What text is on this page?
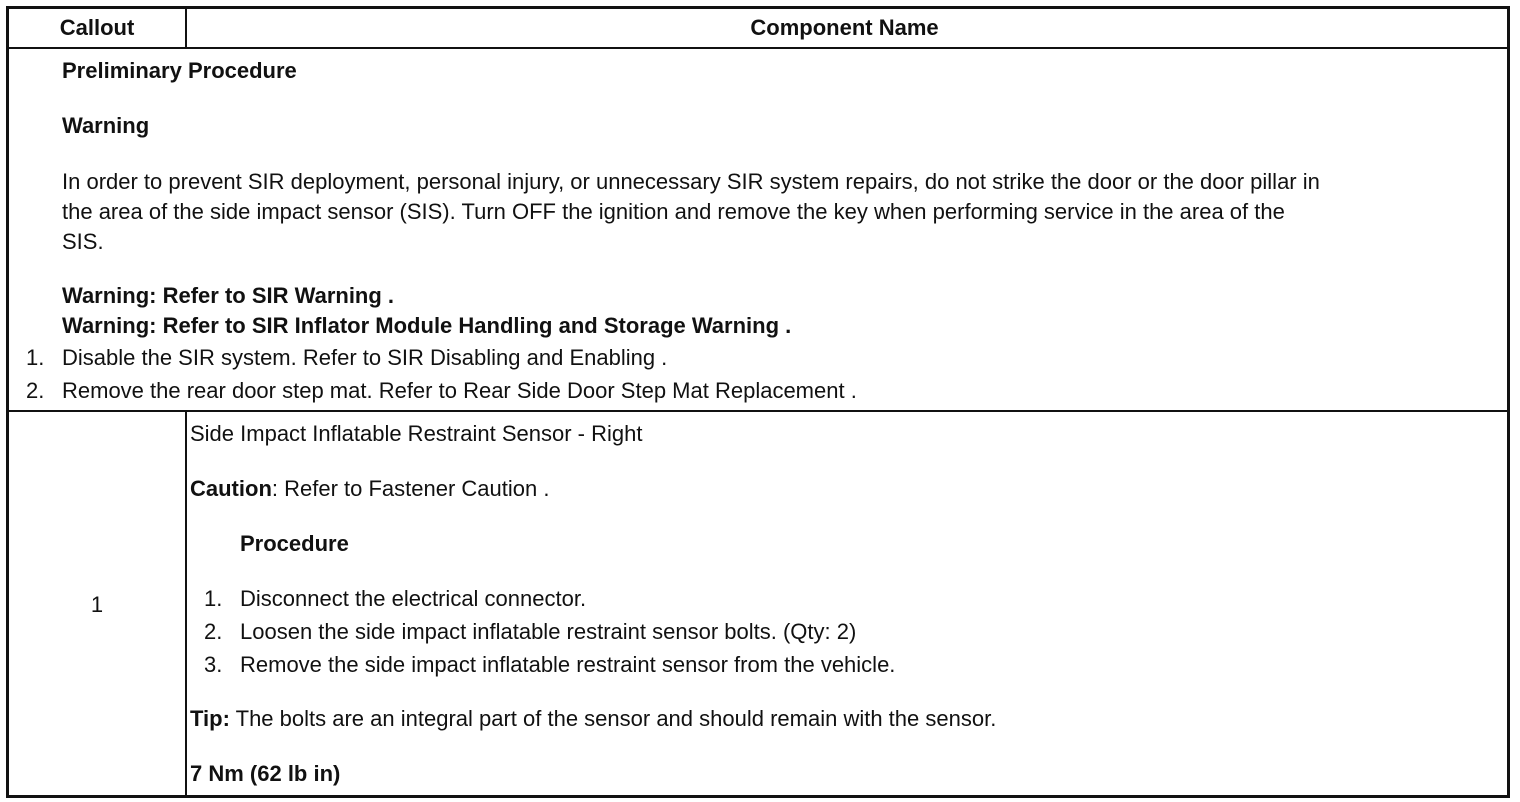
Callout	Component Name
Preliminary Procedure
Warning
In order to prevent SIR deployment, personal injury, or unnecessary SIR system repairs, do not strike the door or the door pillar in
the area of the side impact sensor (SIS). Turn OFF the ignition and remove the key when performing service in the area of the
SIS.
Warning: Refer to SIR Warning .
Warning: Refer to SIR Inflator Module Handling and Storage Warning .
1. Disable the SIR system. Refer to SIR Disabling and Enabling .
2. Remove the rear door step mat. Refer to Rear Side Door Step Mat Replacement .
1
Side Impact Inflatable Restraint Sensor - Right
Caution: Refer to Fastener Caution .
Procedure
1. Disconnect the electrical connector.
2. Loosen the side impact inflatable restraint sensor bolts. (Qty: 2)
3. Remove the side impact inflatable restraint sensor from the vehicle.
Tip: The bolts are an integral part of the sensor and should remain with the sensor.
7 Nm (62 lb in)
